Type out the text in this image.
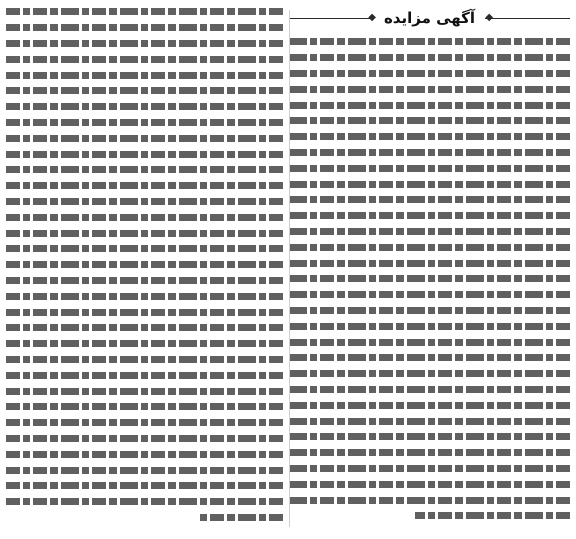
◆
آگهی مزایده
◆
